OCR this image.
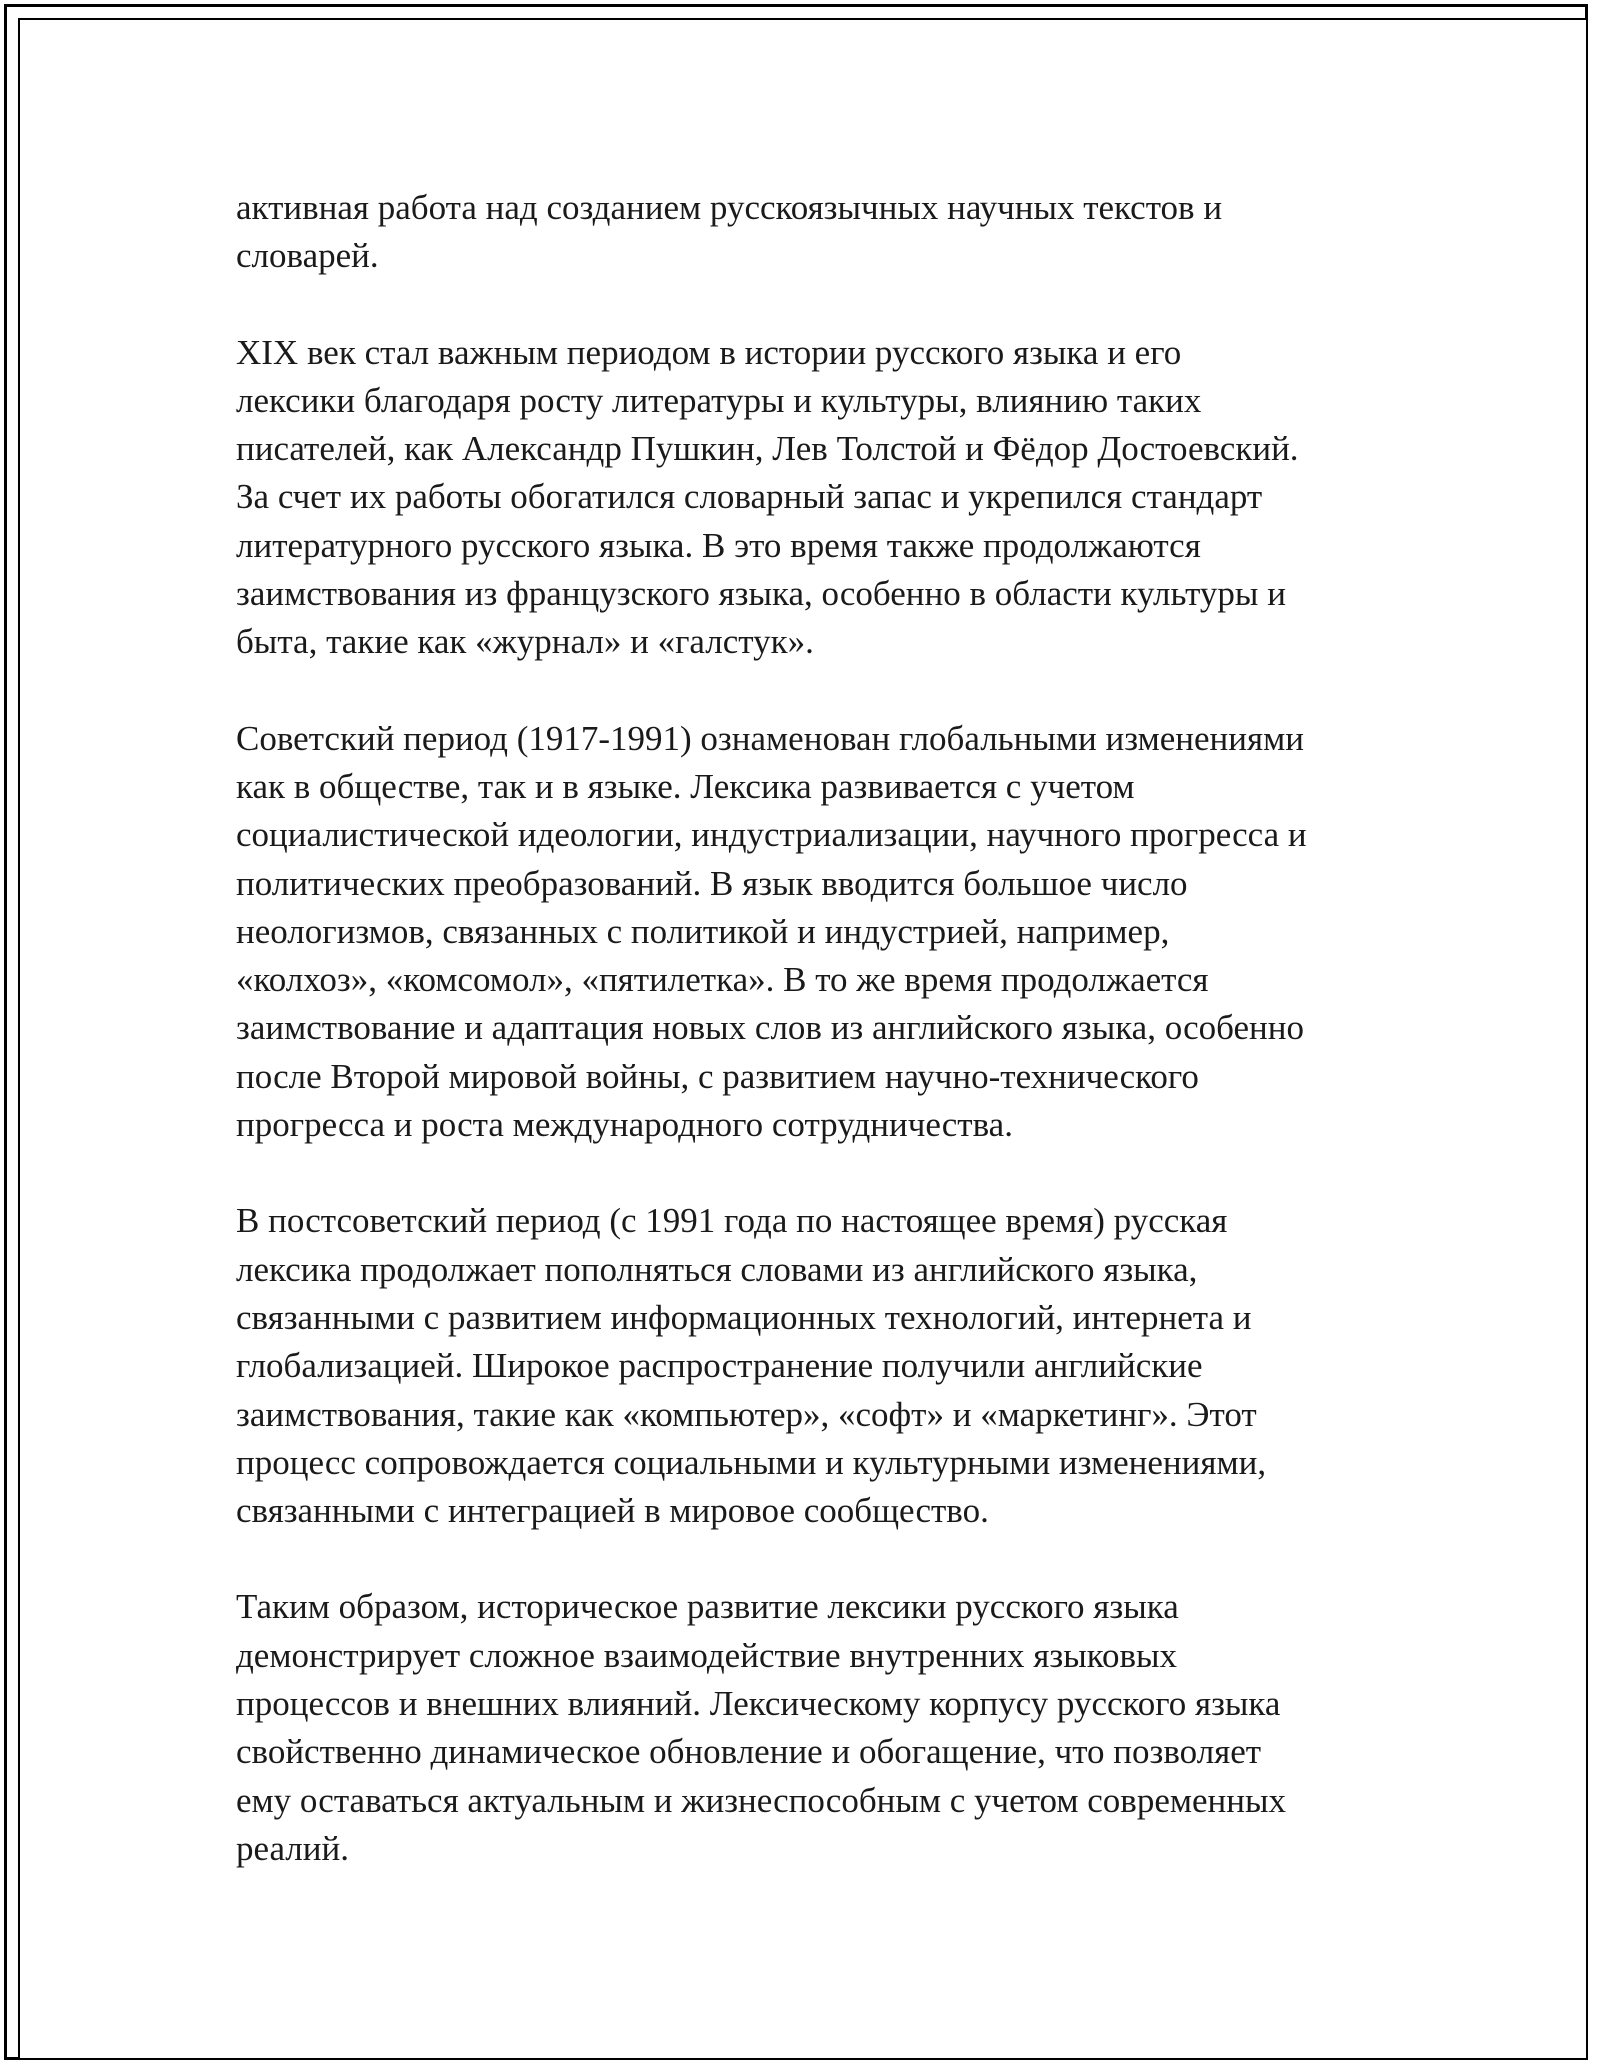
активная работа над созданием русскоязычных научных текстов и
словарей.

XIX век стал важным периодом в истории русского языка и его
лексики благодаря росту литературы и культуры, влиянию таких
писателей, как Александр Пушкин, Лев Толстой и Фёдор Достоевский.
За счет их работы обогатился словарный запас и укрепился стандарт
литературного русского языка. В это время также продолжаются
заимствования из французского языка, особенно в области культуры и
быта, такие как «журнал» и «галстук».

Советский период (1917-1991) ознаменован глобальными изменениями
как в обществе, так и в языке. Лексика развивается с учетом
социалистической идеологии, индустриализации, научного прогресса и
политических преобразований. В язык вводится большое число
неологизмов, связанных с политикой и индустрией, например,
«колхоз», «комсомол», «пятилетка». В то же время продолжается
заимствование и адаптация новых слов из английского языка, особенно
после Второй мировой войны, с развитием научно-технического
прогресса и роста международного сотрудничества.

В постсоветский период (с 1991 года по настоящее время) русская
лексика продолжает пополняться словами из английского языка,
связанными с развитием информационных технологий, интернета и
глобализацией. Широкое распространение получили английские
заимствования, такие как «компьютер», «софт» и «маркетинг». Этот
процесс сопровождается социальными и культурными изменениями,
связанными с интеграцией в мировое сообщество.

Таким образом, историческое развитие лексики русского языка
демонстрирует сложное взаимодействие внутренних языковых
процессов и внешних влияний. Лексическому корпусу русского языка
свойственно динамическое обновление и обогащение, что позволяет
ему оставаться актуальным и жизнеспособным с учетом современных
реалий.
